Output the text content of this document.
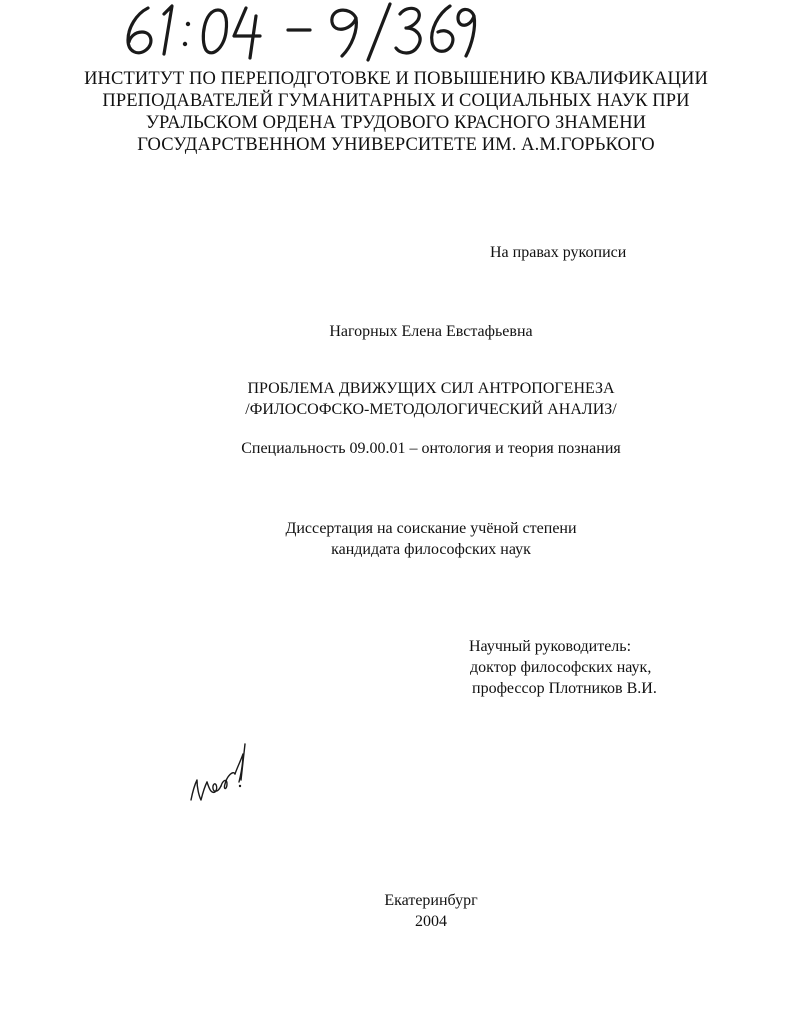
ИНСТИТУТ ПО ПЕРЕПОДГОТОВКЕ И ПОВЫШЕНИЮ КВАЛИФИКАЦИИ
ПРЕПОДАВАТЕЛЕЙ ГУМАНИТАРНЫХ И СОЦИАЛЬНЫХ НАУК ПРИ
УРАЛЬСКОМ ОРДЕНА ТРУДОВОГО КРАСНОГО ЗНАМЕНИ
ГОСУДАРСТВЕННОМ УНИВЕРСИТЕТЕ ИМ. А.М.ГОРЬКОГО
На правах рукописи
Нагорных Елена Евстафьевна
ПРОБЛЕМА ДВИЖУЩИХ СИЛ АНТРОПОГЕНЕЗА
/ФИЛОСОФСКО-МЕТОДОЛОГИЧЕСКИЙ АНАЛИЗ/
Специальность 09.00.01 – онтология и теория познания
Диссертация на соискание учёной степени
кандидата философских наук
Научный руководитель:
доктор философских наук,
профессор Плотников В.И.
Екатеринбург
2004
